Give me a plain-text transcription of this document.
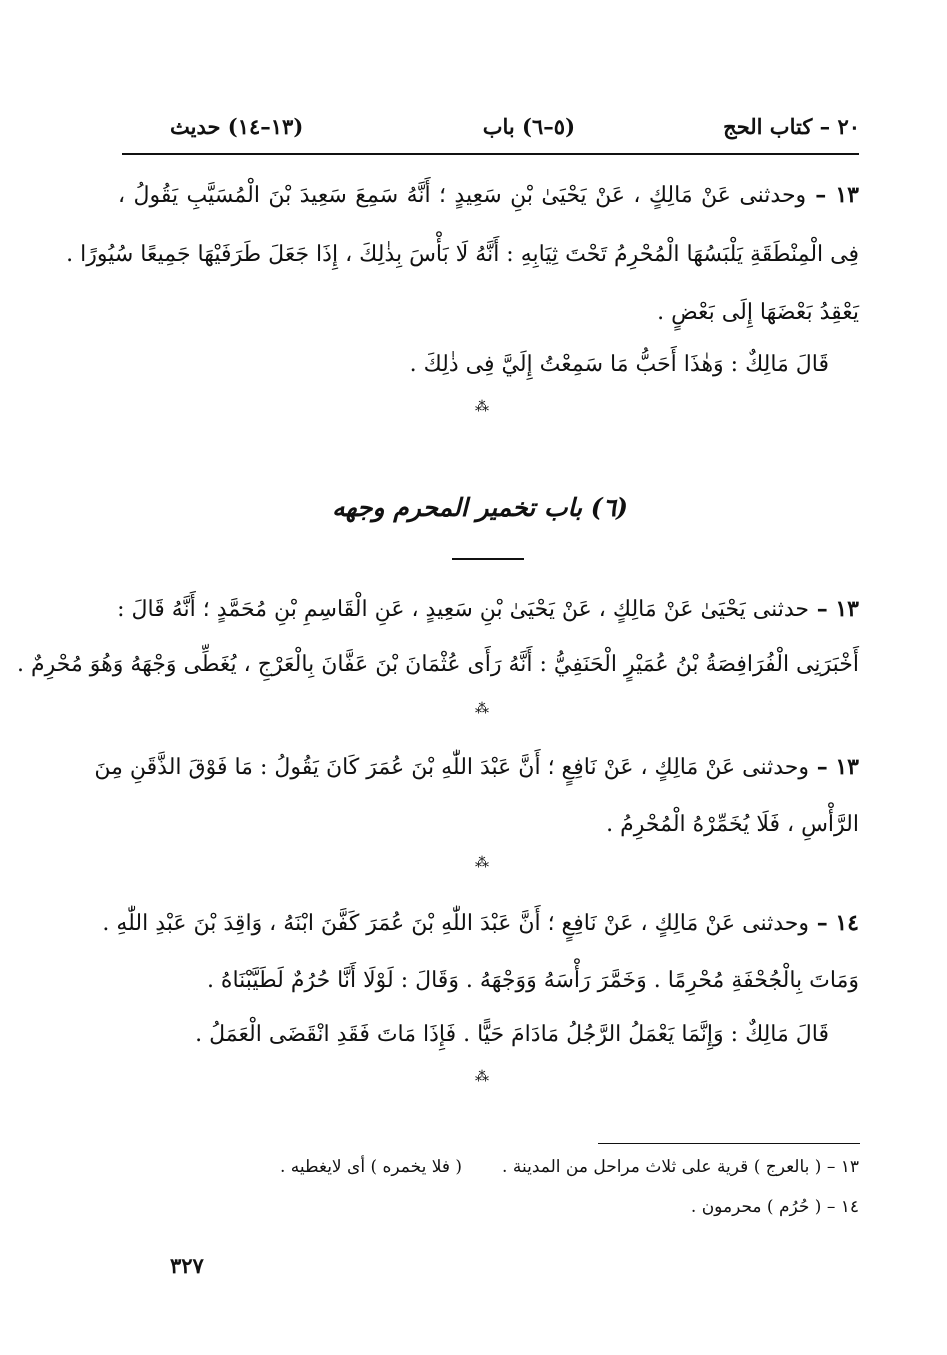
٢٠ – كتاب الحج
(٥–٦) باب
(١٣–١٤) حديث
١٣ – وحدثنى عَنْ مَالِكٍ ، عَنْ يَحْيَىٰ بْنِ سَعِيدٍ ؛ أَنَّهُ سَمِعَ سَعِيدَ بْنَ الْمُسَيَّبِ يَقُولُ ،
فِى الْمِنْطَقَةِ يَلْبَسُهَا الْمُحْرِمُ تَحْتَ ثِيَابِهِ : أَنَّهُ لَا بَأْسَ بِذٰلِكَ ، إِذَا جَعَلَ طَرَفَيْهَا جَمِيعًا سُيُورًا .
يَعْقِدُ بَعْضَهَا إِلَى بَعْضٍ .
قَالَ مَالِكٌ : وَهٰذَا أَحَبُّ مَا سَمِعْتُ إِلَيَّ فِى ذٰلِكَ .
⁂
(٦) باب تخمير المحرم وجهه
١٣ – حدثنى يَحْيَىٰ عَنْ مَالِكٍ ، عَنْ يَحْيَىٰ بْنِ سَعِيدٍ ، عَنِ الْقَاسِمِ بْنِ مُحَمَّدٍ ؛ أَنَّهُ قَالَ :
أَخْبَرَنِى الْفُرَافِصَةُ بْنُ عُمَيْرٍ الْحَنَفِيُّ : أَنَّهُ رَأَى عُثْمَانَ بْنَ عَفَّانَ بِالْعَرْجِ ، يُغَطِّى وَجْهَهُ وَهُوَ مُحْرِمٌ .
⁂
١٣ – وحدثنى عَنْ مَالِكٍ ، عَنْ نَافِعٍ ؛ أَنَّ عَبْدَ اللّٰهِ بْنَ عُمَرَ كَانَ يَقُولُ : مَا فَوْقَ الذَّقَنِ مِنَ
الرَّأْسِ ، فَلَا يُخَمِّرْهُ الْمُحْرِمُ .
⁂
١٤ – وحدثنى عَنْ مَالِكٍ ، عَنْ نَافِعٍ ؛ أَنَّ عَبْدَ اللّٰهِ بْنَ عُمَرَ كَفَّنَ ابْنَهُ ، وَاقِدَ بْنَ عَبْدِ اللّٰهِ .
وَمَاتَ بِالْجُحْفَةِ مُحْرِمًا . وَخَمَّرَ رَأْسَهُ وَوَجْهَهُ . وَقَالَ : لَوْلَا أَنَّا حُرُمٌ لَطَيَّبْنَاهُ .
قَالَ مَالِكٌ : وَإِنَّمَا يَعْمَلُ الرَّجُلُ مَادَامَ حَيًّا . فَإِذَا مَاتَ فَقَدِ انْقَضَى الْعَمَلُ .
⁂
١٣ – ( بالعرج ) قرية على ثلاث مراحل من المدينة .( فلا يخمره ) أى لايغطيه .
١٤ – ( حُرُم ) محرمون .
٣٢٧
